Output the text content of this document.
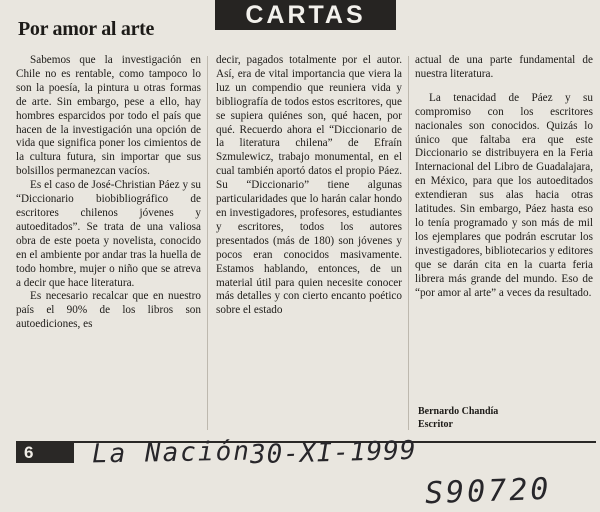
CARTAS
Por amor al arte

Sabemos que la investigación en Chile no es rentable, como tampoco lo son la poesía, la pintura u otras formas de arte. Sin embargo, pese a ello, hay hombres esparcidos por todo el país que hacen de la investigación una opción de vida que significa poner los cimientos de la cultura futura, sin importar que sus bolsillos permanezcan vacíos.

Es el caso de José-Christian Páez y su “Diccionario biobibliográfico de escritores chilenos jóvenes y autoeditados”. Se trata de una valiosa obra de este poeta y novelista, conocido en el ambiente por andar tras la huella de todo hombre, mujer o niño que se atreva a decir que hace literatura.

Es necesario recalcar que en nuestro país el 90% de los libros son autoediciones, es

decir, pagados totalmente por el autor. Así, era de vital importancia que viera la luz un compendio que reuniera vida y bibliografía de todos estos escritores, que se supiera quiénes son, qué hacen, por qué. Recuerdo ahora el “Diccionario de la literatura chilena” de Efraín Szmulewicz, trabajo monumental, en el cual también aportó datos el propio Páez. Su “Diccionario” tiene algunas particularidades que lo harán calar hondo en investigadores, profesores, estudiantes y escritores, todos los autores presentados (más de 180) son jóvenes y pocos eran conocidos masivamente. Estamos hablando, entonces, de un material útil para quien necesite conocer más detalles y con cierto encanto poético sobre el estado

actual de una parte fundamental de nuestra literatura.

La tenacidad de Páez y su compromiso con los escritores nacionales son conocidos. Quizás lo único que faltaba era que este Diccionario se distribuyera en la Feria Internacional del Libro de Guadalajara, en México, para que los autoeditados extendieran sus alas hacia otras latitudes. Sin embargo, Páez hasta eso lo tenía programado y son más de mil los ejemplares que podrán escrutar los investigadores, bibliotecarios y editores que se darán cita en la cuarta feria librera más grande del mundo. Eso de “por amor al arte” a veces da resultado.

Bernardo Chandía
Escritor
6	La Nación
30-XI-1999
S90720
